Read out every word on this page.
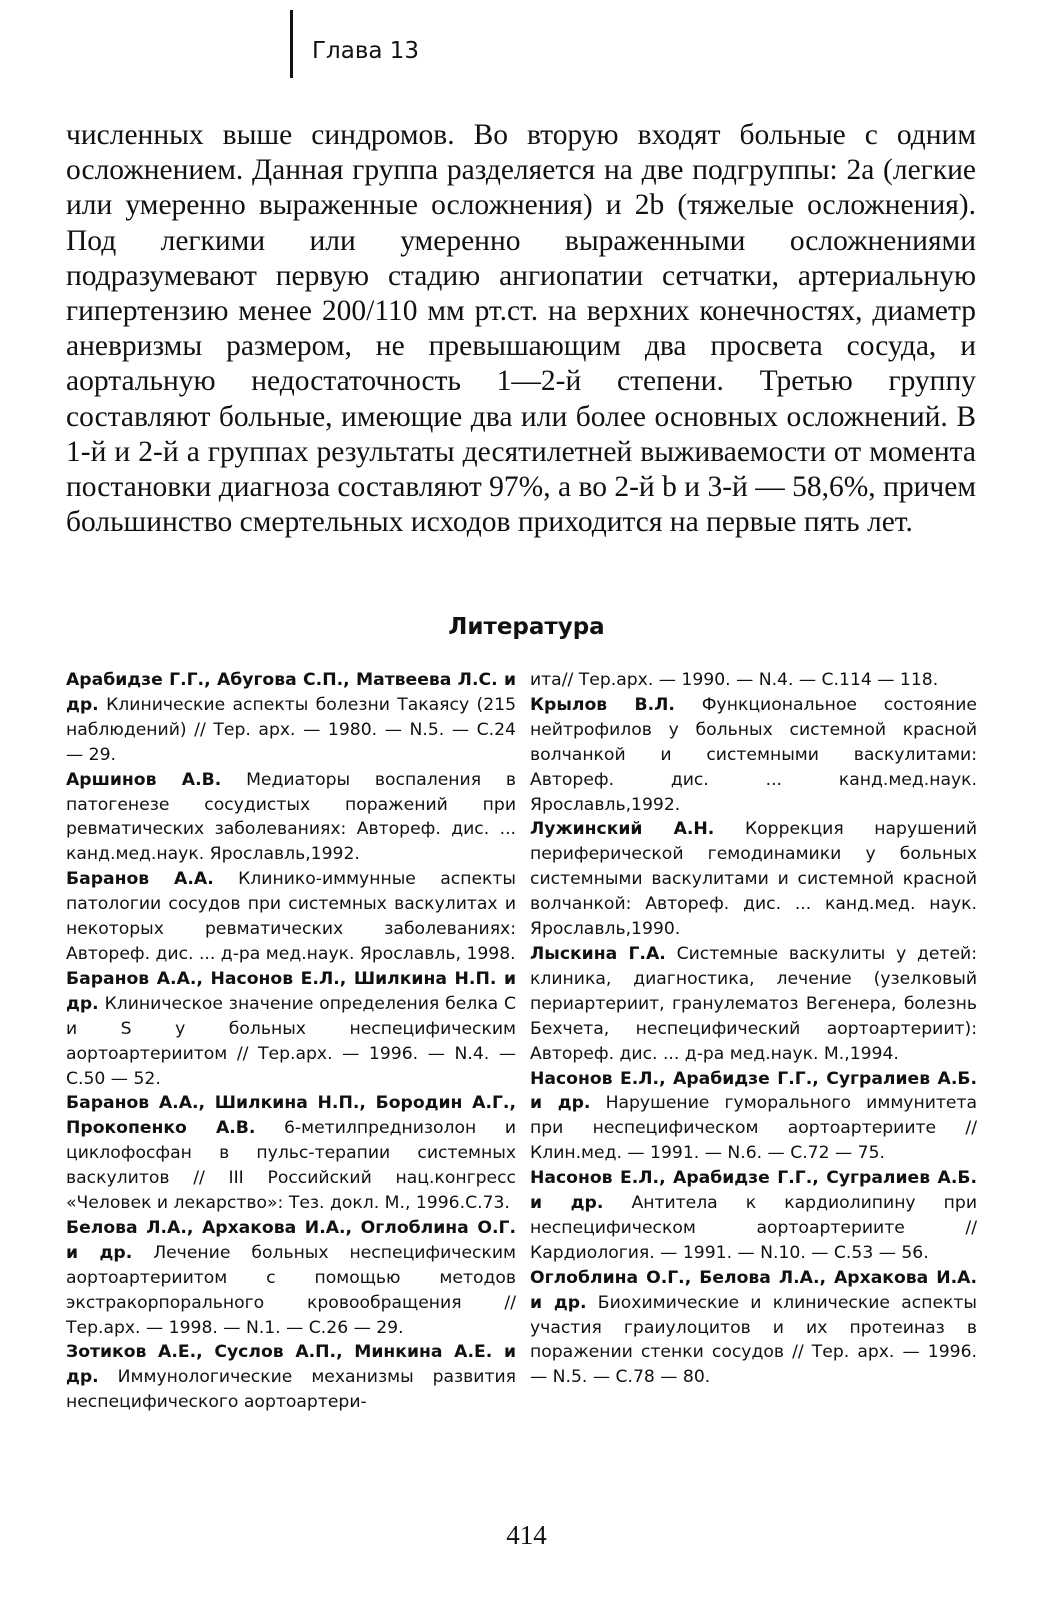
Глава 13
численных выше синдромов. Во вторую входят больные с одним осложнением. Данная группа разделяется на две подгруппы: 2a (легкие или умеренно выраженные осложнения) и 2b (тяжелые осложнения). Под легкими или умеренно выраженными осложнениями подразумевают первую стадию ангиопатии сетчатки, артериальную гипертензию менее 200/110 мм рт.ст. на верхних конечностях, диаметр аневризмы размером, не превышающим два просвета сосуда, и аортальную недостаточность 1—2-й степени. Третью группу составляют больные, имеющие два или более основных осложнений. В 1-й и 2-й a группах результаты десятилетней выживаемости от момента постановки диагноза составляют 97%, а во 2-й b и 3-й — 58,6%, причем большинство смертельных исходов приходится на первые пять лет.
Литература

Арабидзе Г.Г., Абугова С.П., Матвеева Л.С. и др. Клинические аспекты болезни Такаясу (215 наблюдений) // Тер. арх. — 1980. — N.5. — С.24 — 29.

Аршинов А.В. Медиаторы воспаления в патогенезе сосудистых поражений при ревматических заболеваниях: Автореф. дис. ... канд.мед.наук. Ярославль,1992.

Баранов А.А. Клинико-иммунные аспекты патологии сосудов при системных васкулитах и некоторых ревматических заболеваниях: Автореф. дис. ... д-ра мед.наук. Ярославль, 1998.

Баранов А.А., Насонов Е.Л., Шилкина Н.П. и др. Клиническое значение определения белка С и S у больных неспецифическим аортоартериитом // Тер.арх. — 1996. — N.4. — С.50 — 52.

Баранов А.А., Шилкина Н.П., Бородин А.Г., Прокопенко А.В. 6-метилпреднизолон и циклофосфан в пульс-терапии системных васкулитов // III Российский нац.конгресс «Человек и лекарство»: Тез. докл. М., 1996.С.73.

Белова Л.А., Архакова И.А., Оглоблина О.Г. и др. Лечение больных неспецифическим аортоартериитом с помощью методов экстракорпорального кровообращения // Тер.арх. — 1998. — N.1. — С.26 — 29.

Зотиков А.Е., Суслов А.П., Минкина А.Е. и др. Иммунологические механизмы развития неспецифического аортоартери-

ита// Тер.арх. — 1990. — N.4. — С.114 — 118.

Крылов В.Л. Функциональное состояние нейтрофилов у больных системной красной волчанкой и системными васкулитами: Автореф. дис. ... канд.мед.наук. Ярославль,1992.

Лужинский А.Н. Коррекция нарушений периферической гемодинамики у больных системными васкулитами и системной красной волчанкой: Автореф. дис. ... канд.мед. наук. Ярославль,1990.

Лыскина Г.А. Системные васкулиты у детей: клиника, диагностика, лечение (узелковый периартериит, гранулематоз Вегенера, болезнь Бехчета, неспецифический аортоартериит): Автореф. дис. ... д-ра мед.наук. М.,1994.

Насонов Е.Л., Арабидзе Г.Г., Сугралиев А.Б. и др. Нарушение гуморального иммунитета при неспецифическом аортоартериите // Клин.мед. — 1991. — N.6. — С.72 — 75.

Насонов Е.Л., Арабидзе Г.Г., Сугралиев А.Б. и др. Антитела к кардиолипину при неспецифическом аортоартериите // Кардиология. — 1991. — N.10. — С.53 — 56.

Оглоблина О.Г., Белова Л.А., Архакова И.А. и др. Биохимические и клинические аспекты участия граиулоцитов и их протеиназ в поражении стенки сосудов // Тер. арх. — 1996. — N.5. — С.78 — 80.

414
